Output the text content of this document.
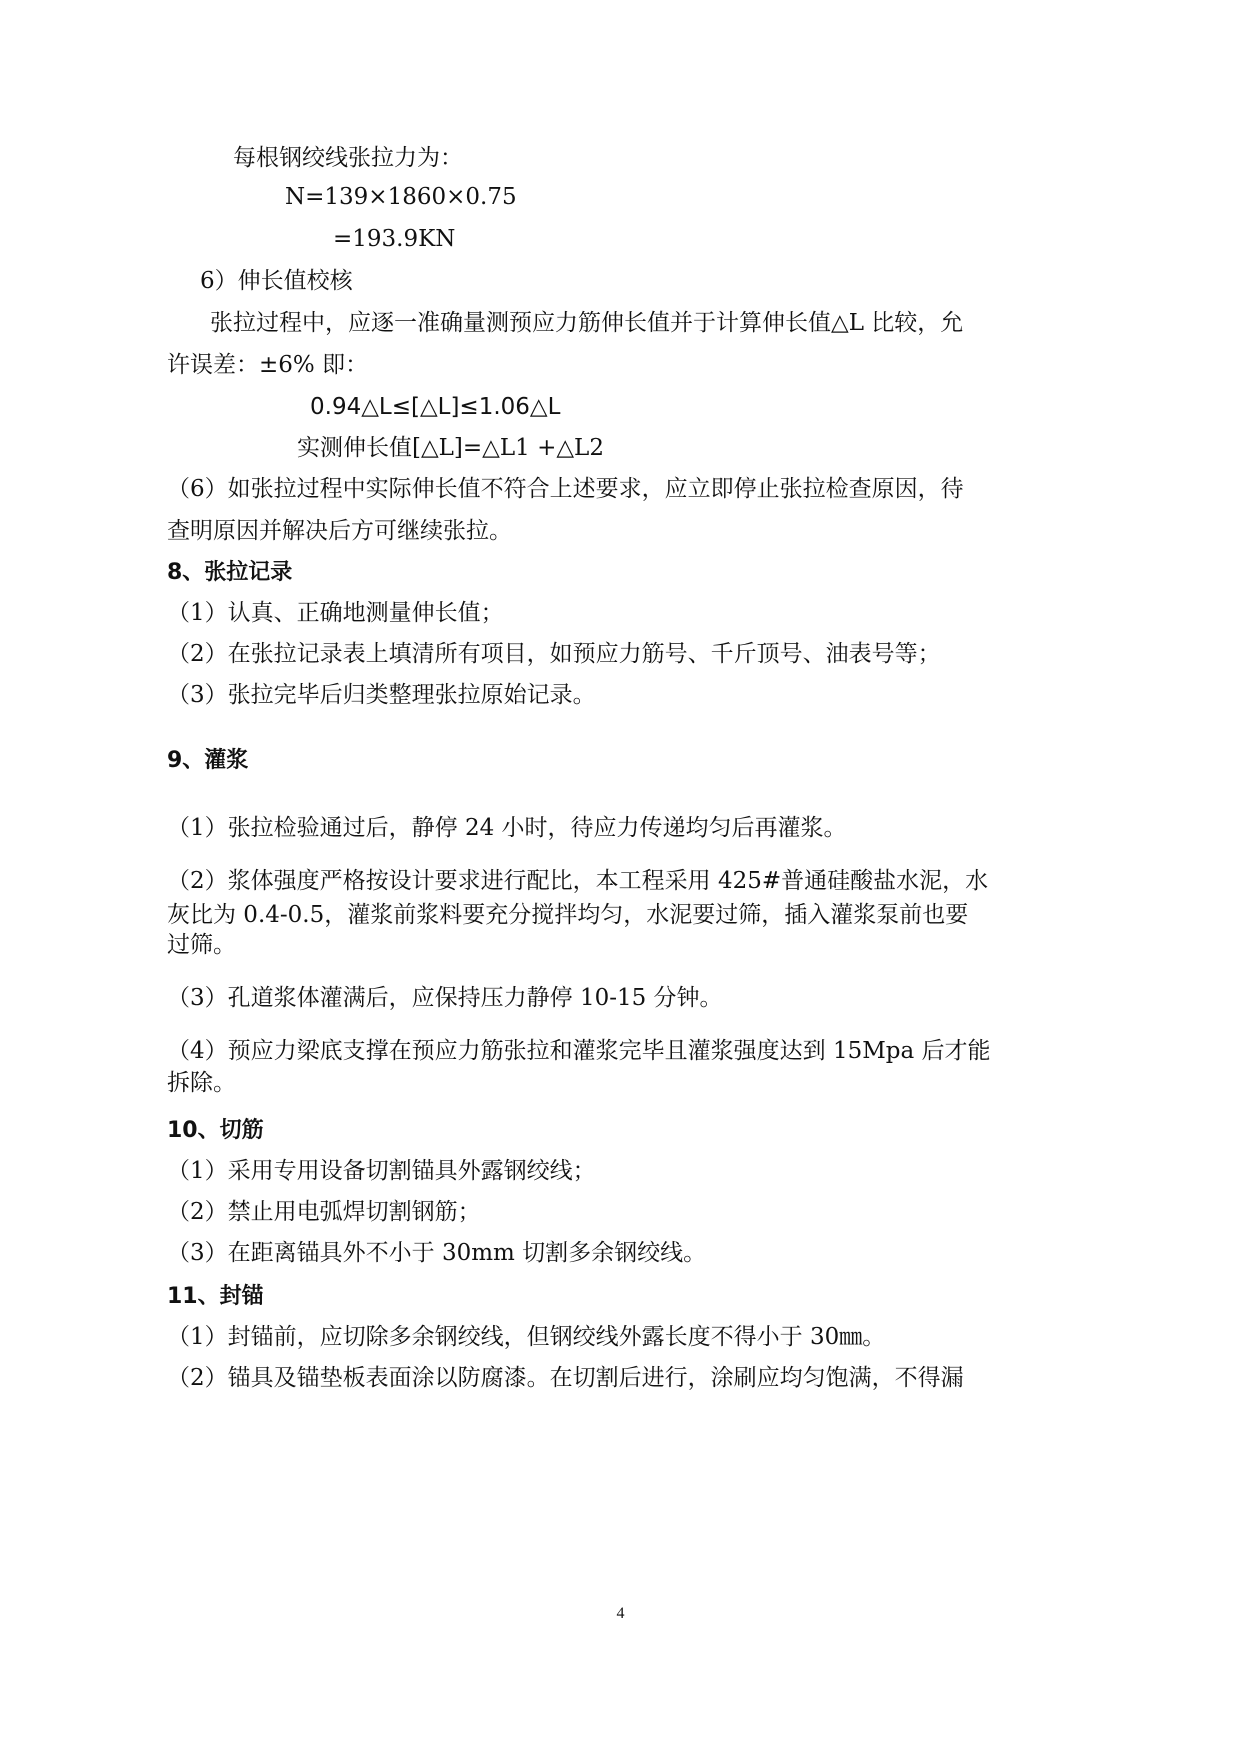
每根钢绞线张拉力为：
N=139×1860×0.75
=193.9KN
6）伸长值校核
张拉过程中，应逐一准确量测预应力筋伸长值并于计算伸长值△L 比较，允
许误差：±6% 即：
0.94△L≤[△L]≤1.06△L
实测伸长值[△L]=△L1 +△L2
（6）如张拉过程中实际伸长值不符合上述要求，应立即停止张拉检查原因，待
查明原因并解决后方可继续张拉。
8、张拉记录
（1）认真、正确地测量伸长值；
（2）在张拉记录表上填清所有项目，如预应力筋号、千斤顶号、油表号等；
（3）张拉完毕后归类整理张拉原始记录。
9、灌浆
（1）张拉检验通过后，静停 24 小时，待应力传递均匀后再灌浆。
（2）浆体强度严格按设计要求进行配比，本工程采用 425#普通硅酸盐水泥，水
灰比为 0.4-0.5，灌浆前浆料要充分搅拌均匀，水泥要过筛，插入灌浆泵前也要
过筛。
（3）孔道浆体灌满后，应保持压力静停 10-15 分钟。
（4）预应力梁底支撑在预应力筋张拉和灌浆完毕且灌浆强度达到 15Mpa 后才能
拆除。
10、切筋
（1）采用专用设备切割锚具外露钢绞线；
（2）禁止用电弧焊切割钢筋；
（3）在距离锚具外不小于 30mm 切割多余钢绞线。
11、封锚
（1）封锚前，应切除多余钢绞线，但钢绞线外露长度不得小于 30㎜。
（2）锚具及锚垫板表面涂以防腐漆。在切割后进行，涂刷应均匀饱满，不得漏
4
